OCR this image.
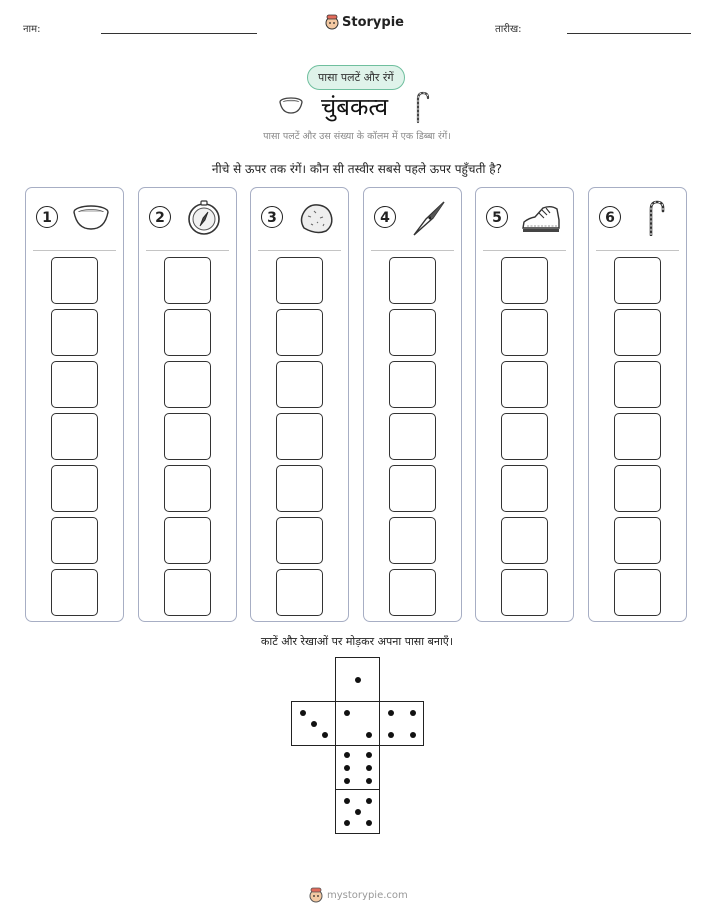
नाम:	Storypie	तारीख:
पासा पलटें और रंगें
चुंबकत्व
पासा पलटें और उस संख्या के कॉलम में एक डिब्बा रंगें।
नीचे से ऊपर तक रंगें। कौन सी तस्वीर सबसे पहले ऊपर पहुँचती है?
1	2	3	4	5	6
काटें और रेखाओं पर मोड़कर अपना पासा बनाएँ।
mystorypie.com
